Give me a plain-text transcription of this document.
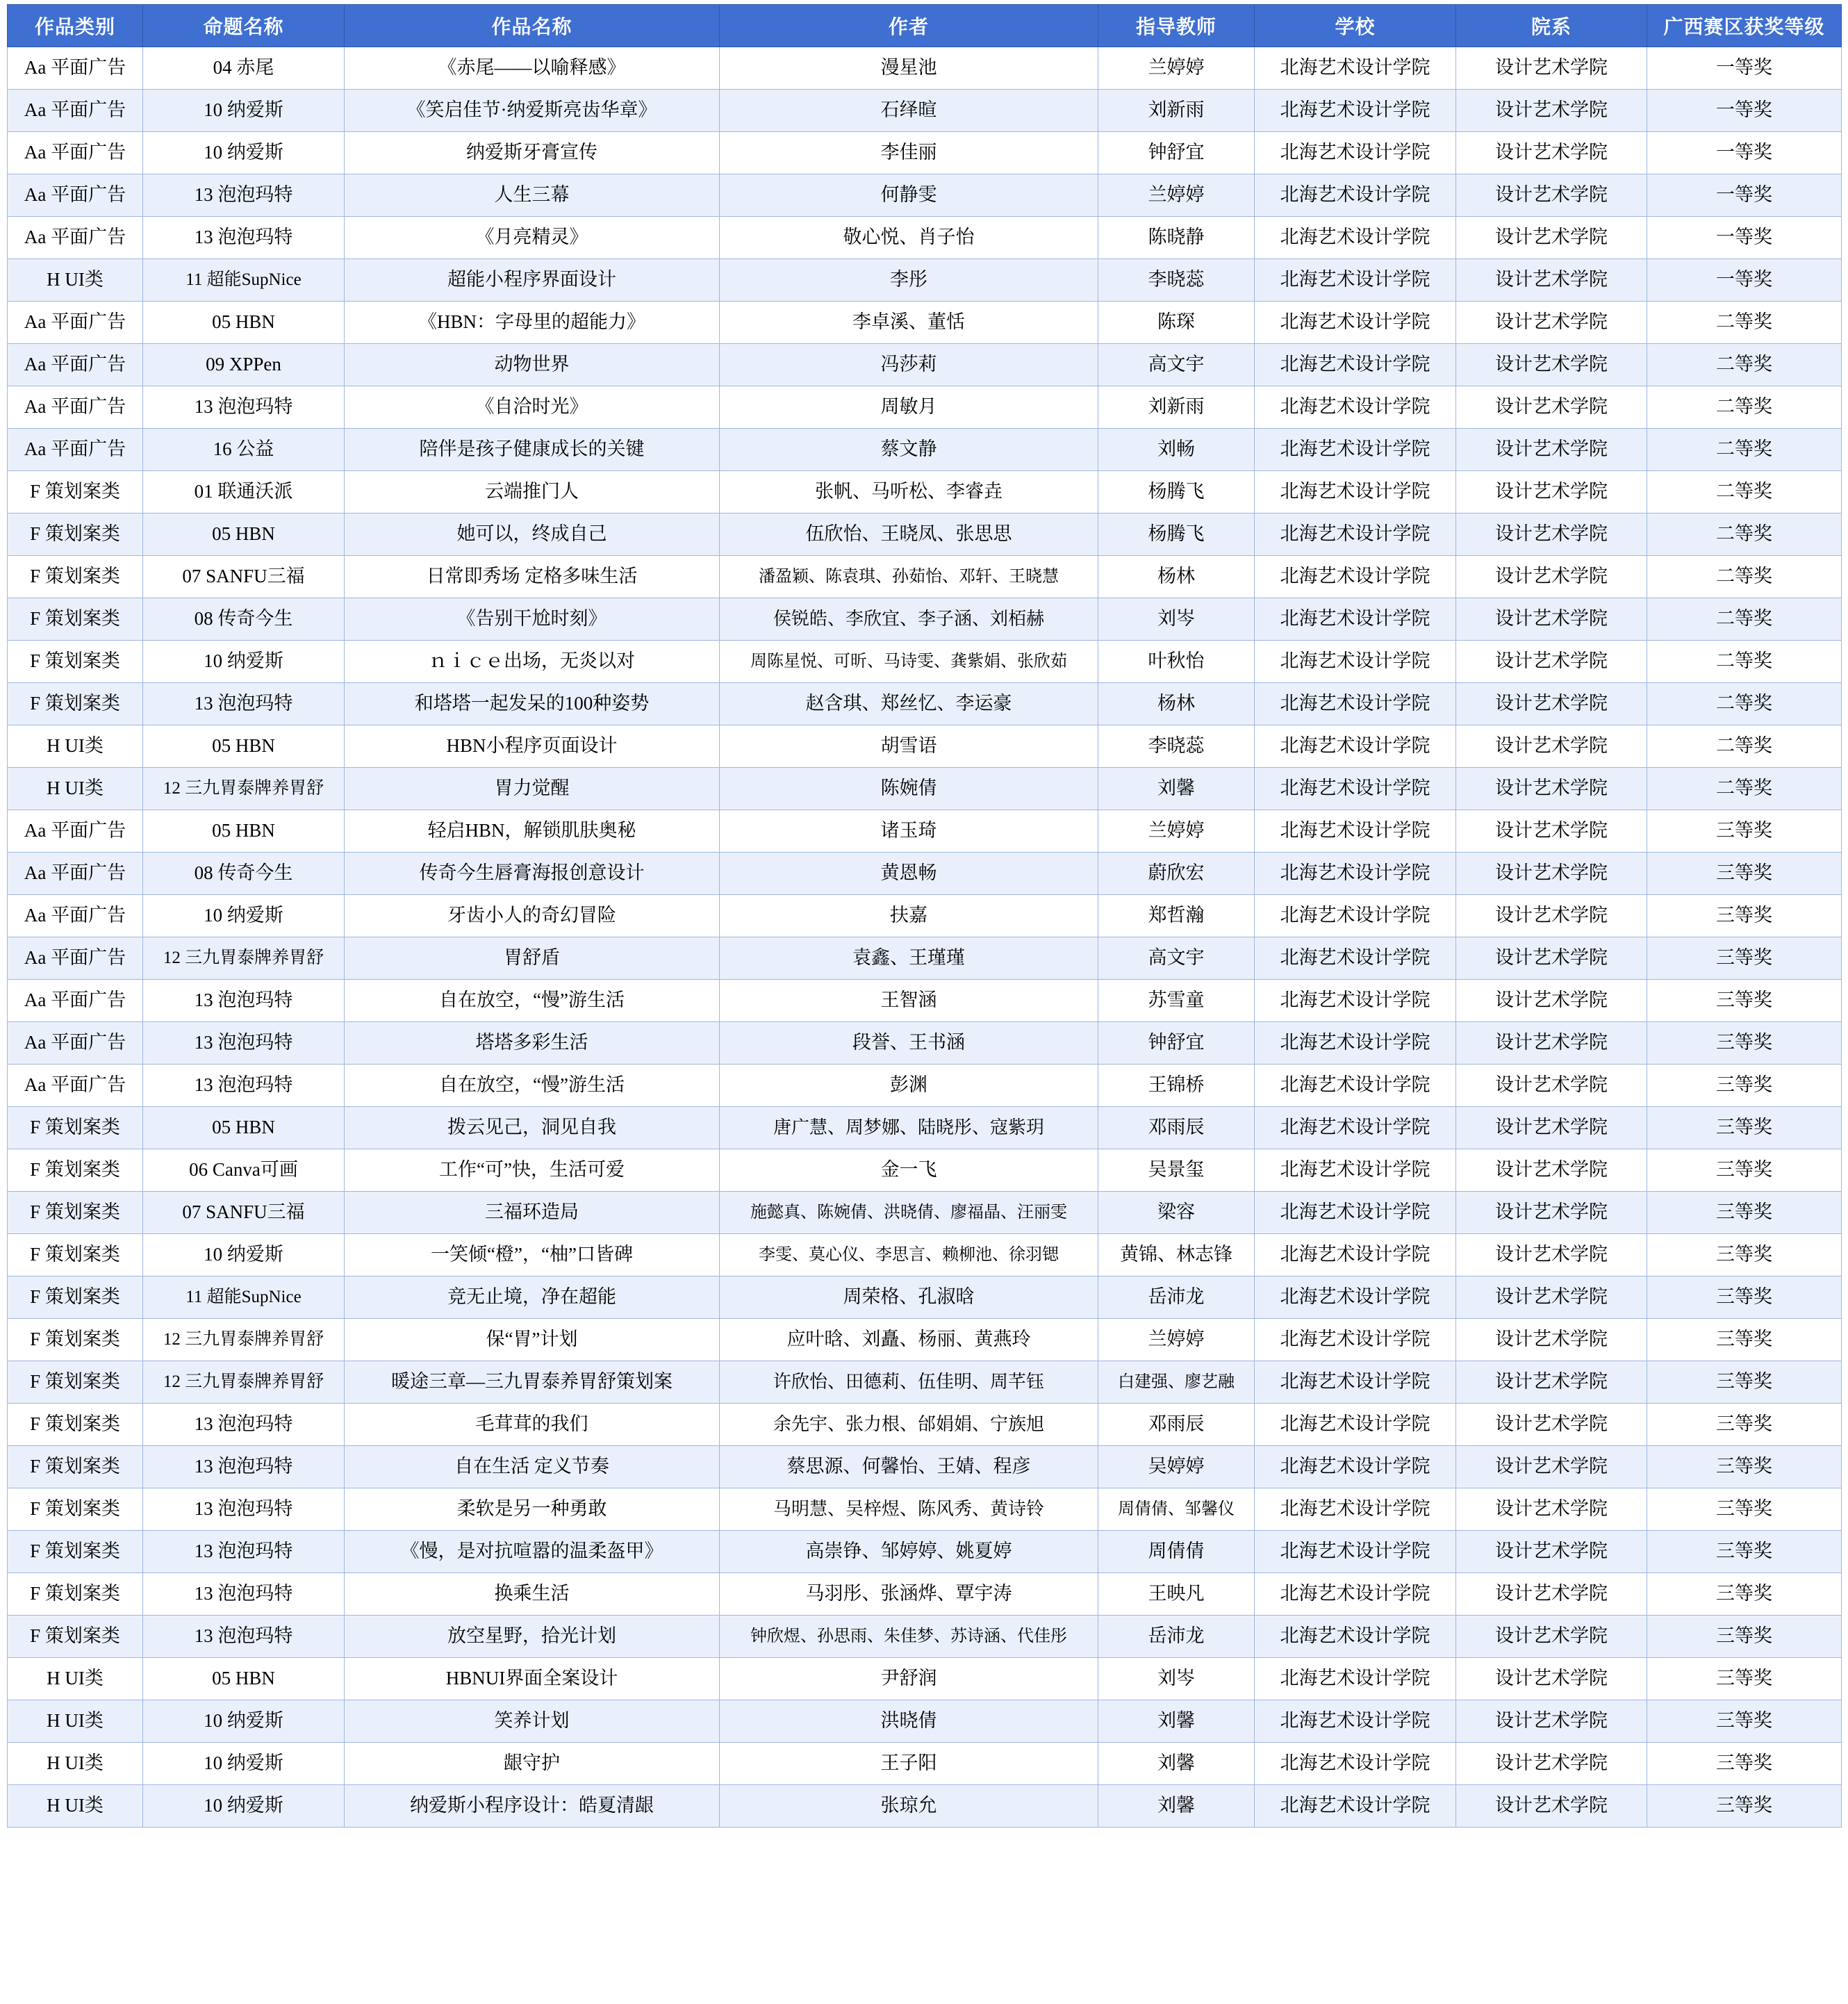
作品类别	命题名称	作品名称	作者	指导教师	学校	院系	广西赛区获奖等级
Aa 平面广告	04 赤尾	《赤尾——以喻释感》	漫星池	兰婷婷	北海艺术设计学院	设计艺术学院	一等奖
Aa 平面广告	10 纳爱斯	《笑启佳节·纳爱斯亮齿华章》	石绎暄	刘新雨	北海艺术设计学院	设计艺术学院	一等奖
Aa 平面广告	10 纳爱斯	纳爱斯牙膏宣传	李佳丽	钟舒宜	北海艺术设计学院	设计艺术学院	一等奖
Aa 平面广告	13 泡泡玛特	人生三幕	何静雯	兰婷婷	北海艺术设计学院	设计艺术学院	一等奖
Aa 平面广告	13 泡泡玛特	《月亮精灵》	敬心悦、肖子怡	陈晓静	北海艺术设计学院	设计艺术学院	一等奖
H UI类	11 超能SupNice	超能小程序界面设计	李彤	李晓蕊	北海艺术设计学院	设计艺术学院	一等奖
Aa 平面广告	05 HBN	《HBN：字母里的超能力》	李卓溪、董恬	陈琛	北海艺术设计学院	设计艺术学院	二等奖
Aa 平面广告	09 XPPen	动物世界	冯莎莉	高文宇	北海艺术设计学院	设计艺术学院	二等奖
Aa 平面广告	13 泡泡玛特	《自洽时光》	周敏月	刘新雨	北海艺术设计学院	设计艺术学院	二等奖
Aa 平面广告	16 公益	陪伴是孩子健康成长的关键	蔡文静	刘畅	北海艺术设计学院	设计艺术学院	二等奖
F 策划案类	01 联通沃派	云端推门人	张帆、马听松、李睿垚	杨腾飞	北海艺术设计学院	设计艺术学院	二等奖
F 策划案类	05 HBN	她可以，终成自己	伍欣怡、王晓凤、张思思	杨腾飞	北海艺术设计学院	设计艺术学院	二等奖
F 策划案类	07 SANFU三福	日常即秀场 定格多味生活	潘盈颖、陈袁琪、孙茹怡、邓轩、王晓慧	杨林	北海艺术设计学院	设计艺术学院	二等奖
F 策划案类	08 传奇今生	《告别干尬时刻》	侯锐皓、李欣宜、李子涵、刘栢赫	刘岑	北海艺术设计学院	设计艺术学院	二等奖
F 策划案类	10 纳爱斯	ｎｉｃｅ出场，无炎以对	周陈星悦、可昕、马诗雯、龚紫娟、张欣茹	叶秋怡	北海艺术设计学院	设计艺术学院	二等奖
F 策划案类	13 泡泡玛特	和塔塔一起发呆的100种姿势	赵含琪、郑丝忆、李运豪	杨林	北海艺术设计学院	设计艺术学院	二等奖
H UI类	05 HBN	HBN小程序页面设计	胡雪语	李晓蕊	北海艺术设计学院	设计艺术学院	二等奖
H UI类	12 三九胃泰牌养胃舒	胃力觉醒	陈婉倩	刘馨	北海艺术设计学院	设计艺术学院	二等奖
Aa 平面广告	05 HBN	轻启HBN，解锁肌肤奥秘	诸玉琦	兰婷婷	北海艺术设计学院	设计艺术学院	三等奖
Aa 平面广告	08 传奇今生	传奇今生唇膏海报创意设计	黄恩畅	蔚欣宏	北海艺术设计学院	设计艺术学院	三等奖
Aa 平面广告	10 纳爱斯	牙齿小人的奇幻冒险	扶嘉	郑哲瀚	北海艺术设计学院	设计艺术学院	三等奖
Aa 平面广告	12 三九胃泰牌养胃舒	胃舒盾	袁鑫、王瑾瑾	高文宇	北海艺术设计学院	设计艺术学院	三等奖
Aa 平面广告	13 泡泡玛特	自在放空，“慢”游生活	王智涵	苏雪童	北海艺术设计学院	设计艺术学院	三等奖
Aa 平面广告	13 泡泡玛特	塔塔多彩生活	段誉、王书涵	钟舒宜	北海艺术设计学院	设计艺术学院	三等奖
Aa 平面广告	13 泡泡玛特	自在放空，“慢”游生活	彭渊	王锦桥	北海艺术设计学院	设计艺术学院	三等奖
F 策划案类	05 HBN	拨云见己，洞见自我	唐广慧、周梦娜、陆晓彤、寇紫玥	邓雨辰	北海艺术设计学院	设计艺术学院	三等奖
F 策划案类	06 Canva可画	工作“可”快，生活可爱	金一飞	吴景玺	北海艺术设计学院	设计艺术学院	三等奖
F 策划案类	07 SANFU三福	三福环造局	施懿真、陈婉倩、洪晓倩、廖福晶、汪丽雯	梁容	北海艺术设计学院	设计艺术学院	三等奖
F 策划案类	10 纳爱斯	一笑倾“橙”，“柚”口皆碑	李雯、莫心仪、李思言、赖柳池、徐羽锶	黄锦、林志锋	北海艺术设计学院	设计艺术学院	三等奖
F 策划案类	11 超能SupNice	竞无止境，净在超能	周荣格、孔淑晗	岳沛龙	北海艺术设计学院	设计艺术学院	三等奖
F 策划案类	12 三九胃泰牌养胃舒	保“胃”计划	应叶晗、刘矗、杨丽、黄燕玲	兰婷婷	北海艺术设计学院	设计艺术学院	三等奖
F 策划案类	12 三九胃泰牌养胃舒	暖途三章—三九胃泰养胃舒策划案	许欣怡、田德莉、伍佳明、周芊钰	白建强、廖艺融	北海艺术设计学院	设计艺术学院	三等奖
F 策划案类	13 泡泡玛特	毛茸茸的我们	余先宇、张力根、邰娟娟、宁族旭	邓雨辰	北海艺术设计学院	设计艺术学院	三等奖
F 策划案类	13 泡泡玛特	自在生活 定义节奏	蔡思源、何馨怡、王婧、程彦	吴婷婷	北海艺术设计学院	设计艺术学院	三等奖
F 策划案类	13 泡泡玛特	柔软是另一种勇敢	马明慧、吴梓煜、陈风秀、黄诗铃	周倩倩、邹馨仪	北海艺术设计学院	设计艺术学院	三等奖
F 策划案类	13 泡泡玛特	《慢，是对抗喧嚣的温柔盔甲》	高崇铮、邹婷婷、姚夏婷	周倩倩	北海艺术设计学院	设计艺术学院	三等奖
F 策划案类	13 泡泡玛特	换乘生活	马羽彤、张涵烨、覃宇涛	王映凡	北海艺术设计学院	设计艺术学院	三等奖
F 策划案类	13 泡泡玛特	放空星野，拾光计划	钟欣煜、孙思雨、朱佳梦、苏诗涵、代佳彤	岳沛龙	北海艺术设计学院	设计艺术学院	三等奖
H UI类	05 HBN	HBNUI界面全案设计	尹舒润	刘岑	北海艺术设计学院	设计艺术学院	三等奖
H UI类	10 纳爱斯	笑养计划	洪晓倩	刘馨	北海艺术设计学院	设计艺术学院	三等奖
H UI类	10 纳爱斯	龈守护	王子阳	刘馨	北海艺术设计学院	设计艺术学院	三等奖
H UI类	10 纳爱斯	纳爱斯小程序设计：皓夏清龈	张琼允	刘馨	北海艺术设计学院	设计艺术学院	三等奖
